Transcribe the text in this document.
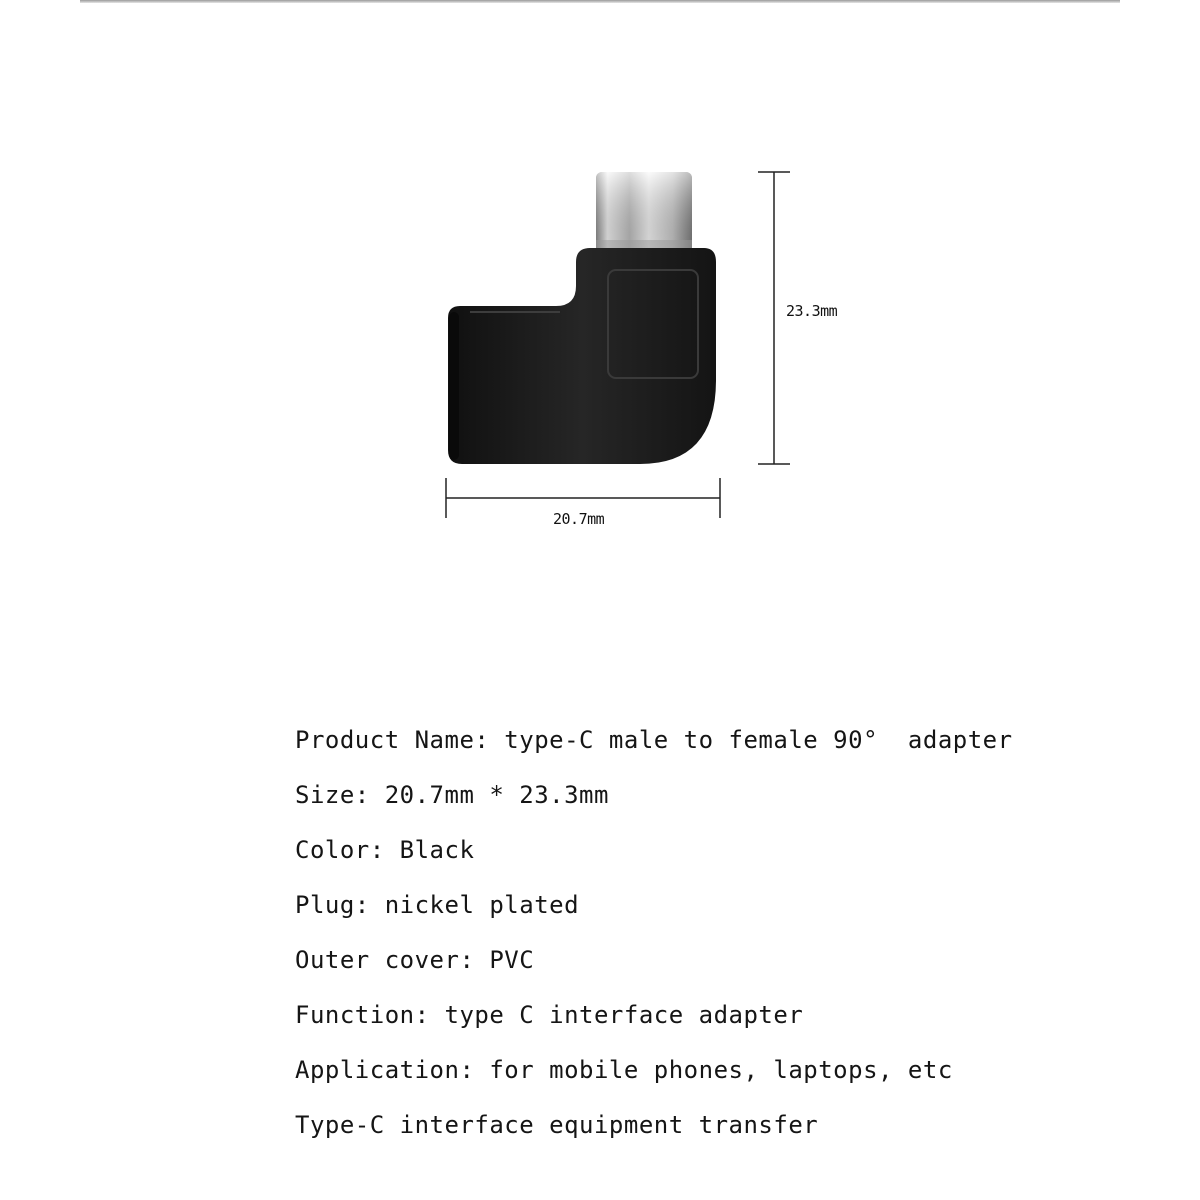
23.3mm
20.7mm
Product Name: type-C male to female 90°  adapter
Size: 20.7mm * 23.3mm
Color: Black
Plug: nickel plated
Outer cover: PVC
Function: type C interface adapter
Application: for mobile phones, laptops, etc
Type-C interface equipment transfer
